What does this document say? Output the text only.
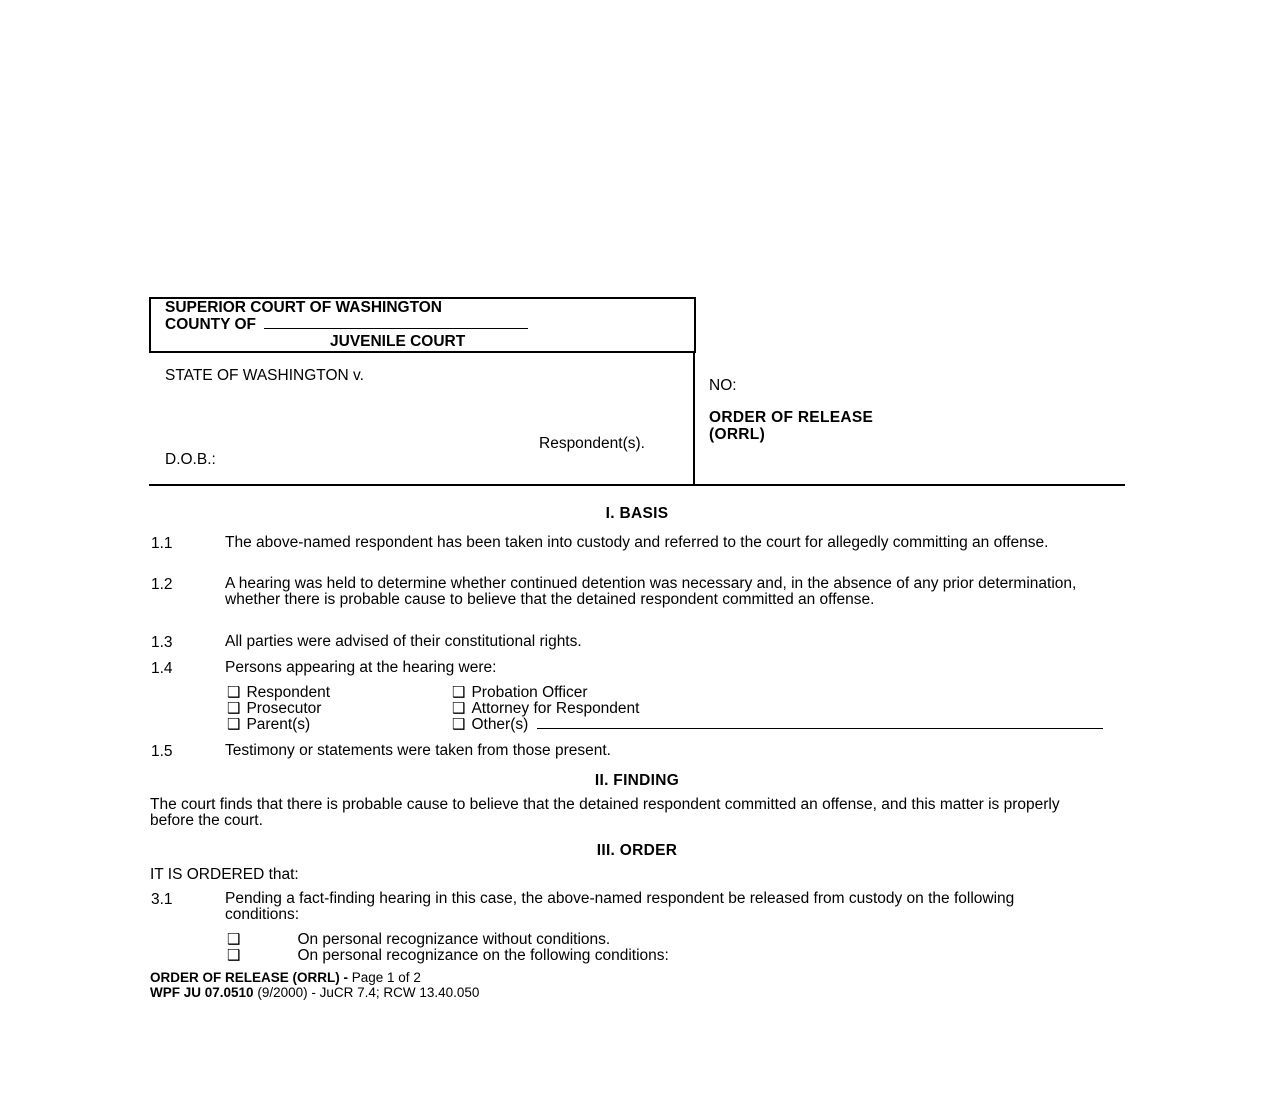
SUPERIOR COURT OF WASHINGTON
COUNTY OF
JUVENILE COURT
STATE OF WASHINGTON v.
Respondent(s).
D.O.B.:
NO:
ORDER OF RELEASE
(ORRL)
I. BASIS
1.1	The above-named respondent has been taken into custody and referred to the court for allegedly committing an offense.
1.2	A hearing was held to determine whether continued detention was necessary and, in the absence of any prior determination, whether there is probable cause to believe that the detained respondent committed an offense.
1.3	All parties were advised of their constitutional rights.
1.4	Persons appearing at the hearing were:
❑ Respondent
❑ Prosecutor
❑ Parent(s)
❑ Probation Officer
❑ Attorney for Respondent
❑ Other(s)
1.5	Testimony or statements were taken from those present.
II. FINDING
The court finds that there is probable cause to believe that the detained respondent committed an offense, and this matter is properly before the court.
III. ORDER
IT IS ORDERED that:
3.1	Pending a fact-finding hearing in this case, the above-named respondent be released from custody on the following conditions:
❑	On personal recognizance without conditions.
❑	On personal recognizance on the following conditions:
ORDER OF RELEASE (ORRL) - Page 1 of 2
WPF JU 07.0510 (9/2000) - JuCR 7.4; RCW 13.40.050
